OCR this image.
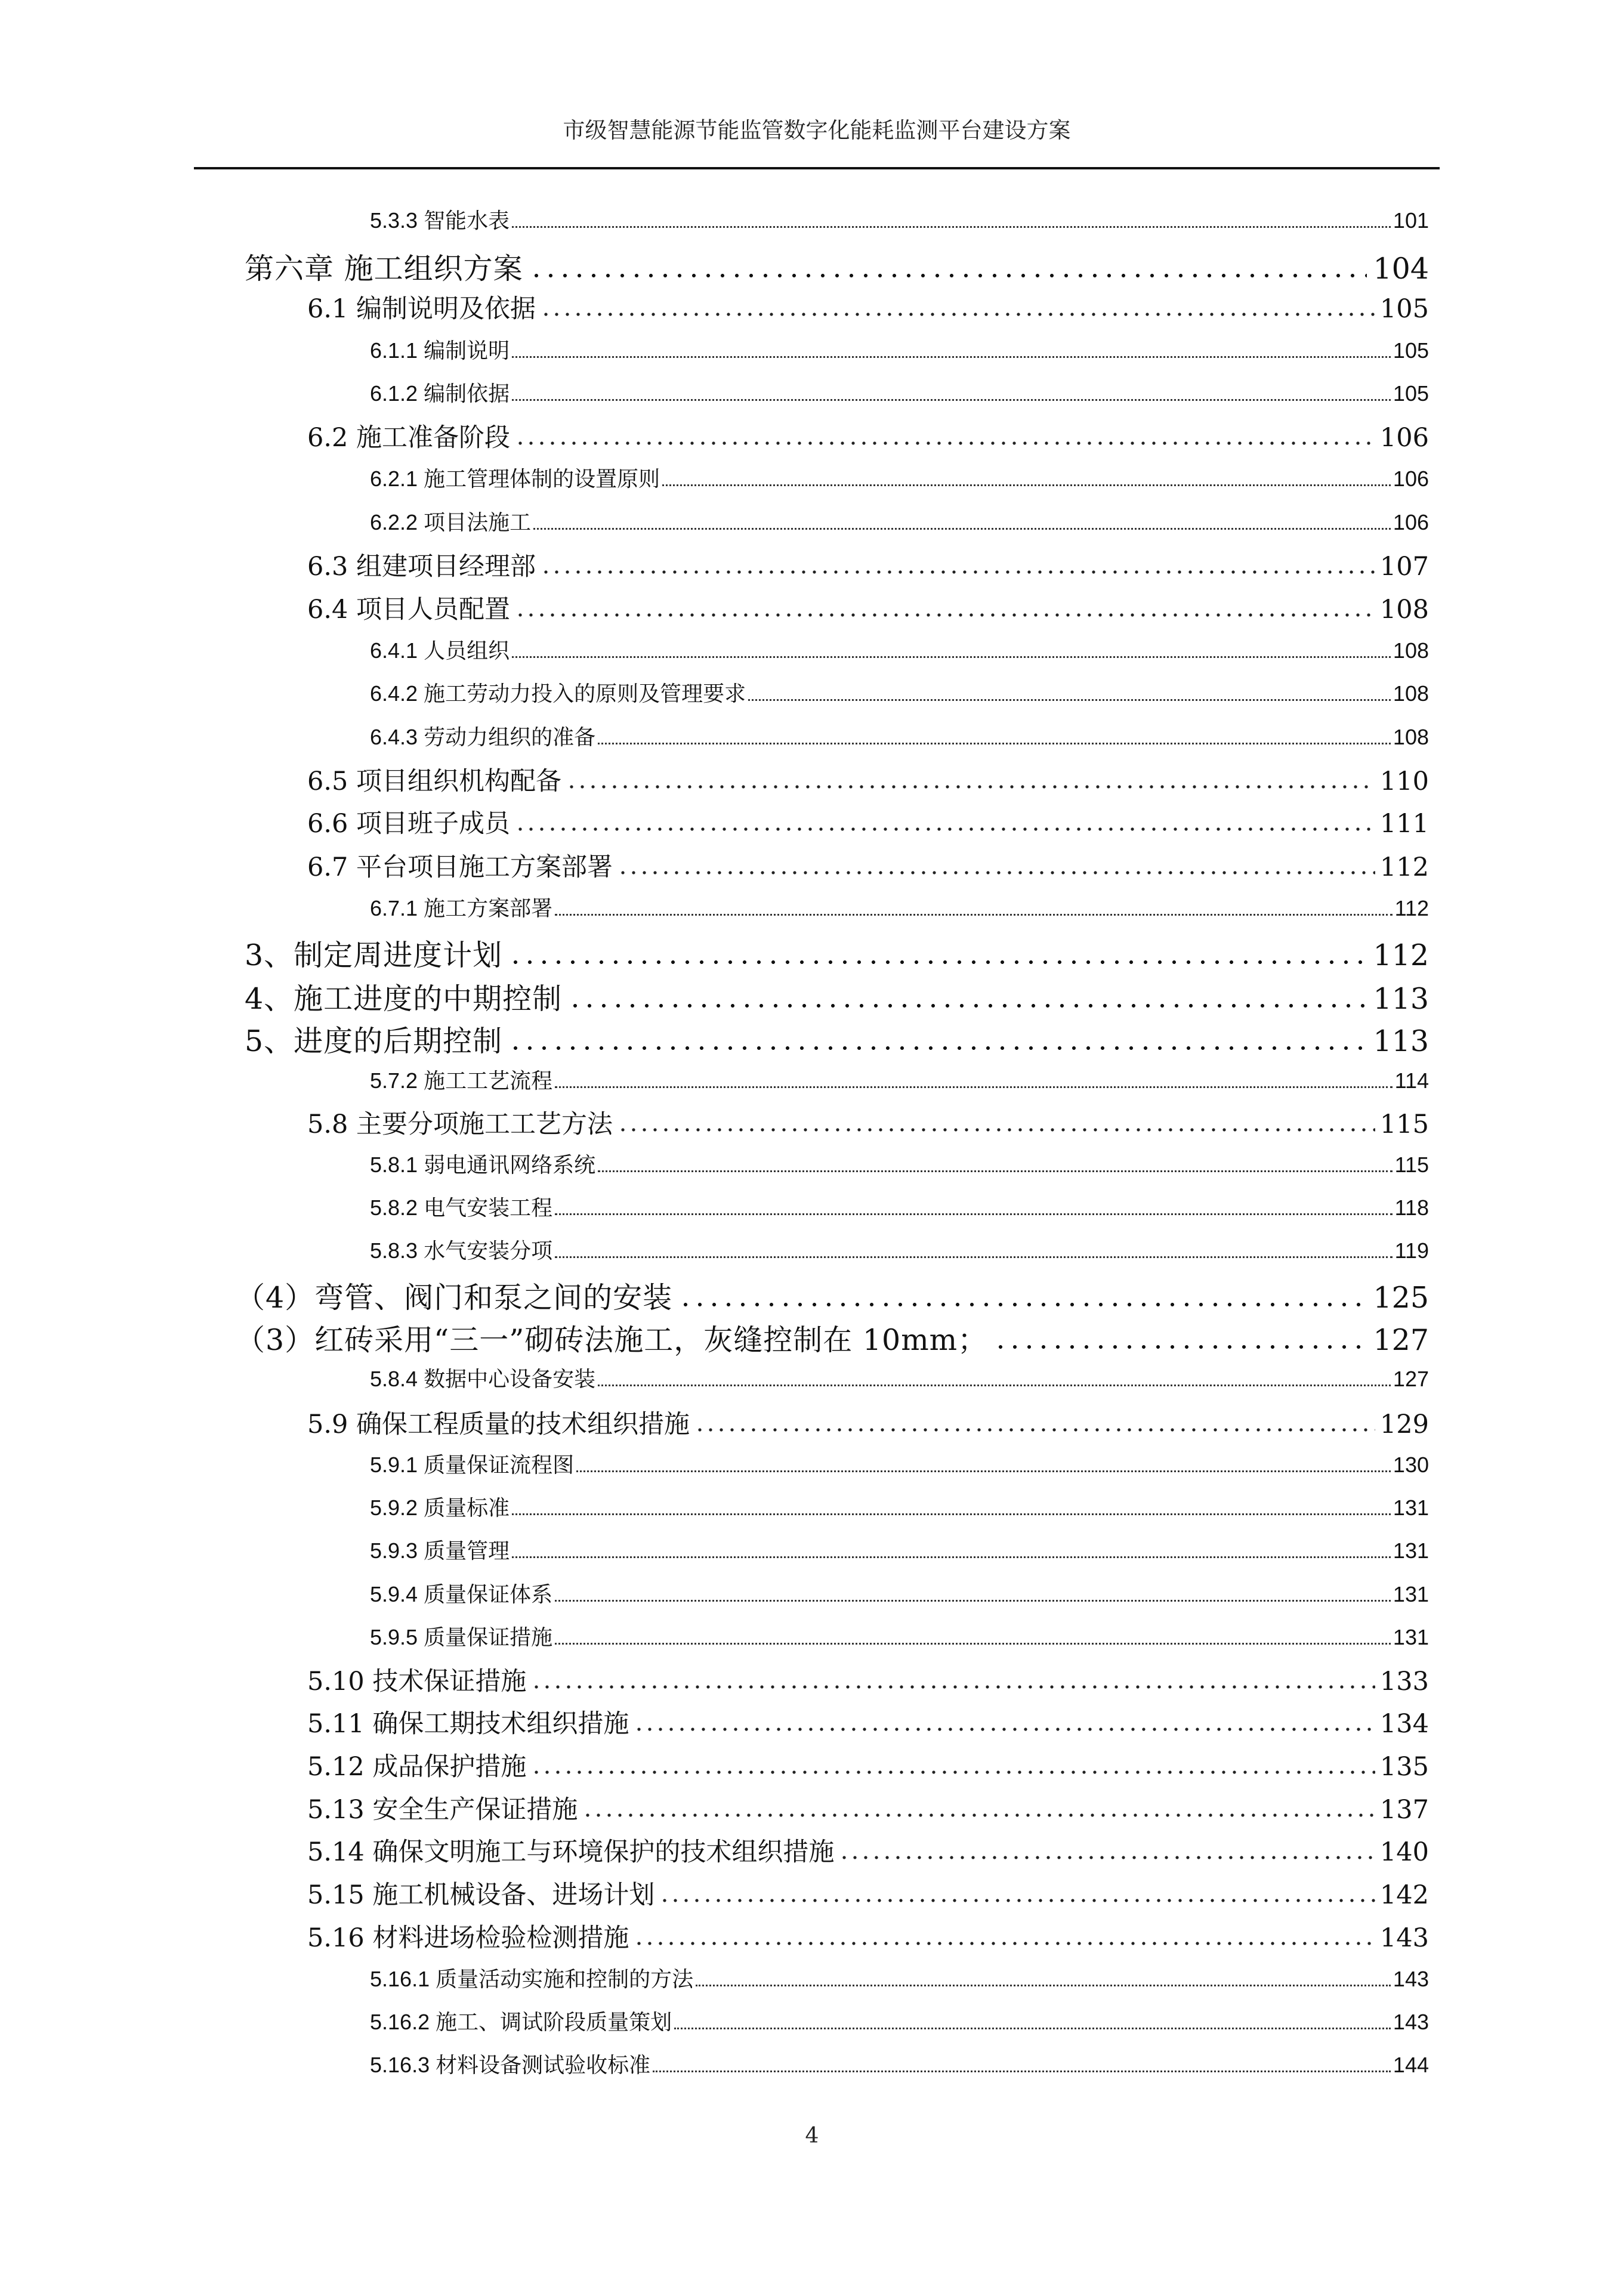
市级智慧能源节能监管数字化能耗监测平台建设方案
5.3.3 智能水表	101
第六章 施工组织方案	104
6.1 编制说明及依据	105
6.1.1 编制说明	105
6.1.2 编制依据	105
6.2 施工准备阶段	106
6.2.1 施工管理体制的设置原则	106
6.2.2 项目法施工	106
6.3 组建项目经理部	107
6.4 项目人员配置	108
6.4.1 人员组织	108
6.4.2 施工劳动力投入的原则及管理要求	108
6.4.3 劳动力组织的准备	108
6.5 项目组织机构配备	110
6.6 项目班子成员	111
6.7 平台项目施工方案部署	112
6.7.1 施工方案部署	112
3、制定周进度计划	112
4、施工进度的中期控制	113
5、进度的后期控制	113
5.7.2 施工工艺流程	114
5.8 主要分项施工工艺方法	115
5.8.1 弱电通讯网络系统	115
5.8.2 电气安装工程	118
5.8.3 水气安装分项	119
（4）弯管、阀门和泵之间的安装	125
（3）红砖采用“三一”砌砖法施工，灰缝控制在 10mm；	127
5.8.4 数据中心设备安装	127
5.9 确保工程质量的技术组织措施	129
5.9.1 质量保证流程图	130
5.9.2 质量标准	131
5.9.3 质量管理	131
5.9.4 质量保证体系	131
5.9.5 质量保证措施	131
5.10 技术保证措施	133
5.11 确保工期技术组织措施	134
5.12 成品保护措施	135
5.13 安全生产保证措施	137
5.14 确保文明施工与环境保护的技术组织措施	140
5.15 施工机械设备、进场计划	142
5.16 材料进场检验检测措施	143
5.16.1 质量活动实施和控制的方法	143
5.16.2 施工、调试阶段质量策划	143
5.16.3 材料设备测试验收标准	144
4
